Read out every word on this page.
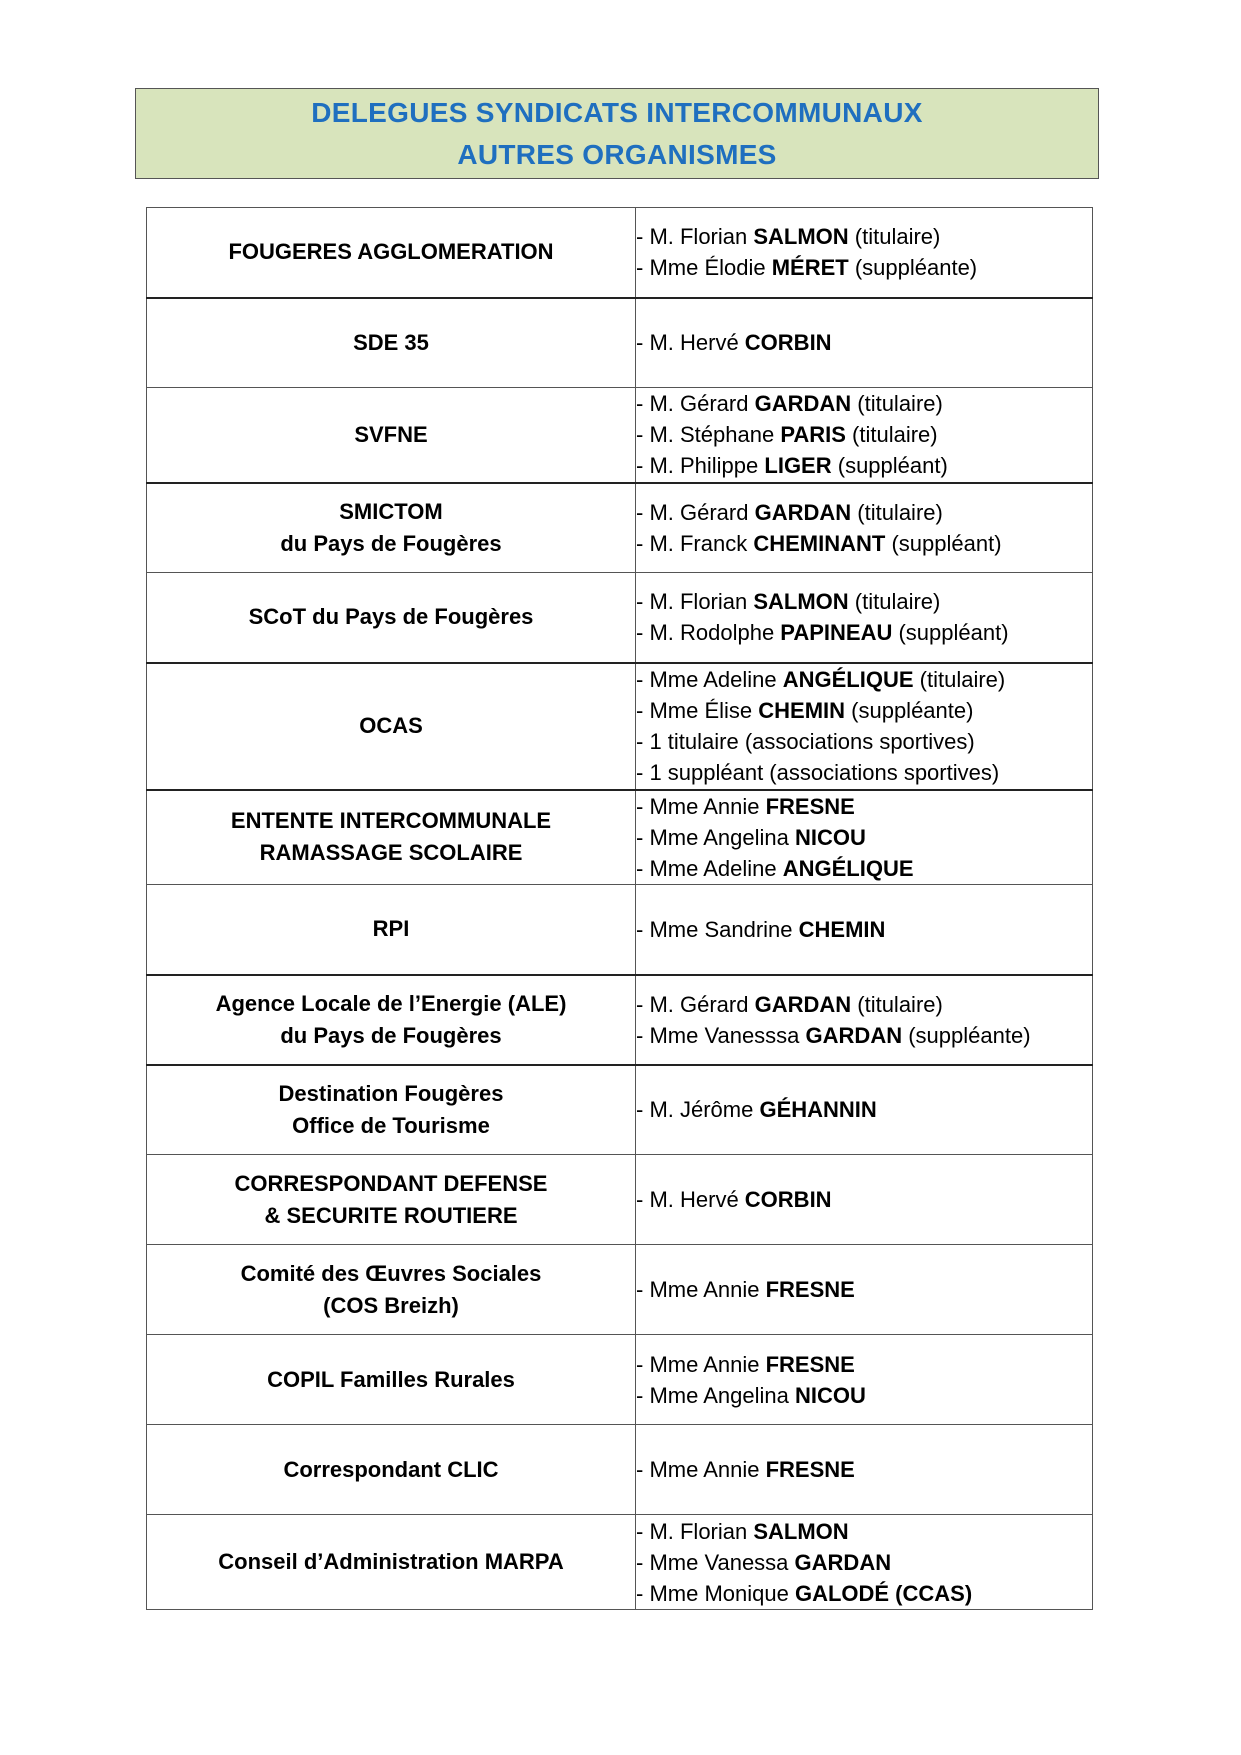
DELEGUES SYNDICATS INTERCOMMUNAUX
AUTRES ORGANISMES
FOUGERES AGGLOMERATION	- M. Florian SALMON (titulaire)
- Mme Élodie MÉRET (suppléante)

SDE 35	- M. Hervé CORBIN

SVFNE	- M. Gérard GARDAN (titulaire)
- M. Stéphane PARIS (titulaire)
- M. Philippe LIGER (suppléant)

SMICTOM
du Pays de Fougères	- M. Gérard GARDAN (titulaire)
- M. Franck CHEMINANT (suppléant)

SCoT du Pays de Fougères	- M. Florian SALMON (titulaire)
- M. Rodolphe PAPINEAU (suppléant)

OCAS	- Mme Adeline ANGÉLIQUE (titulaire)
- Mme Élise CHEMIN (suppléante)
- 1 titulaire (associations sportives)
- 1 suppléant (associations sportives)

ENTENTE INTERCOMMUNALE
RAMASSAGE SCOLAIRE	- Mme Annie FRESNE
- Mme Angelina NICOU
- Mme Adeline ANGÉLIQUE

RPI	- Mme Sandrine CHEMIN

Agence Locale de l’Energie (ALE)
du Pays de Fougères	- M. Gérard GARDAN (titulaire)
- Mme Vanesssa GARDAN (suppléante)

Destination Fougères
Office de Tourisme	- M. Jérôme GÉHANNIN

CORRESPONDANT DEFENSE
& SECURITE ROUTIERE	- M. Hervé CORBIN

Comité des Œuvres Sociales
(COS Breizh)	- Mme Annie FRESNE

COPIL Familles Rurales	- Mme Annie FRESNE
- Mme Angelina NICOU

Correspondant CLIC	- Mme Annie FRESNE

Conseil d’Administration MARPA	- M. Florian SALMON
- Mme Vanessa GARDAN
- Mme Monique GALODÉ (CCAS)
